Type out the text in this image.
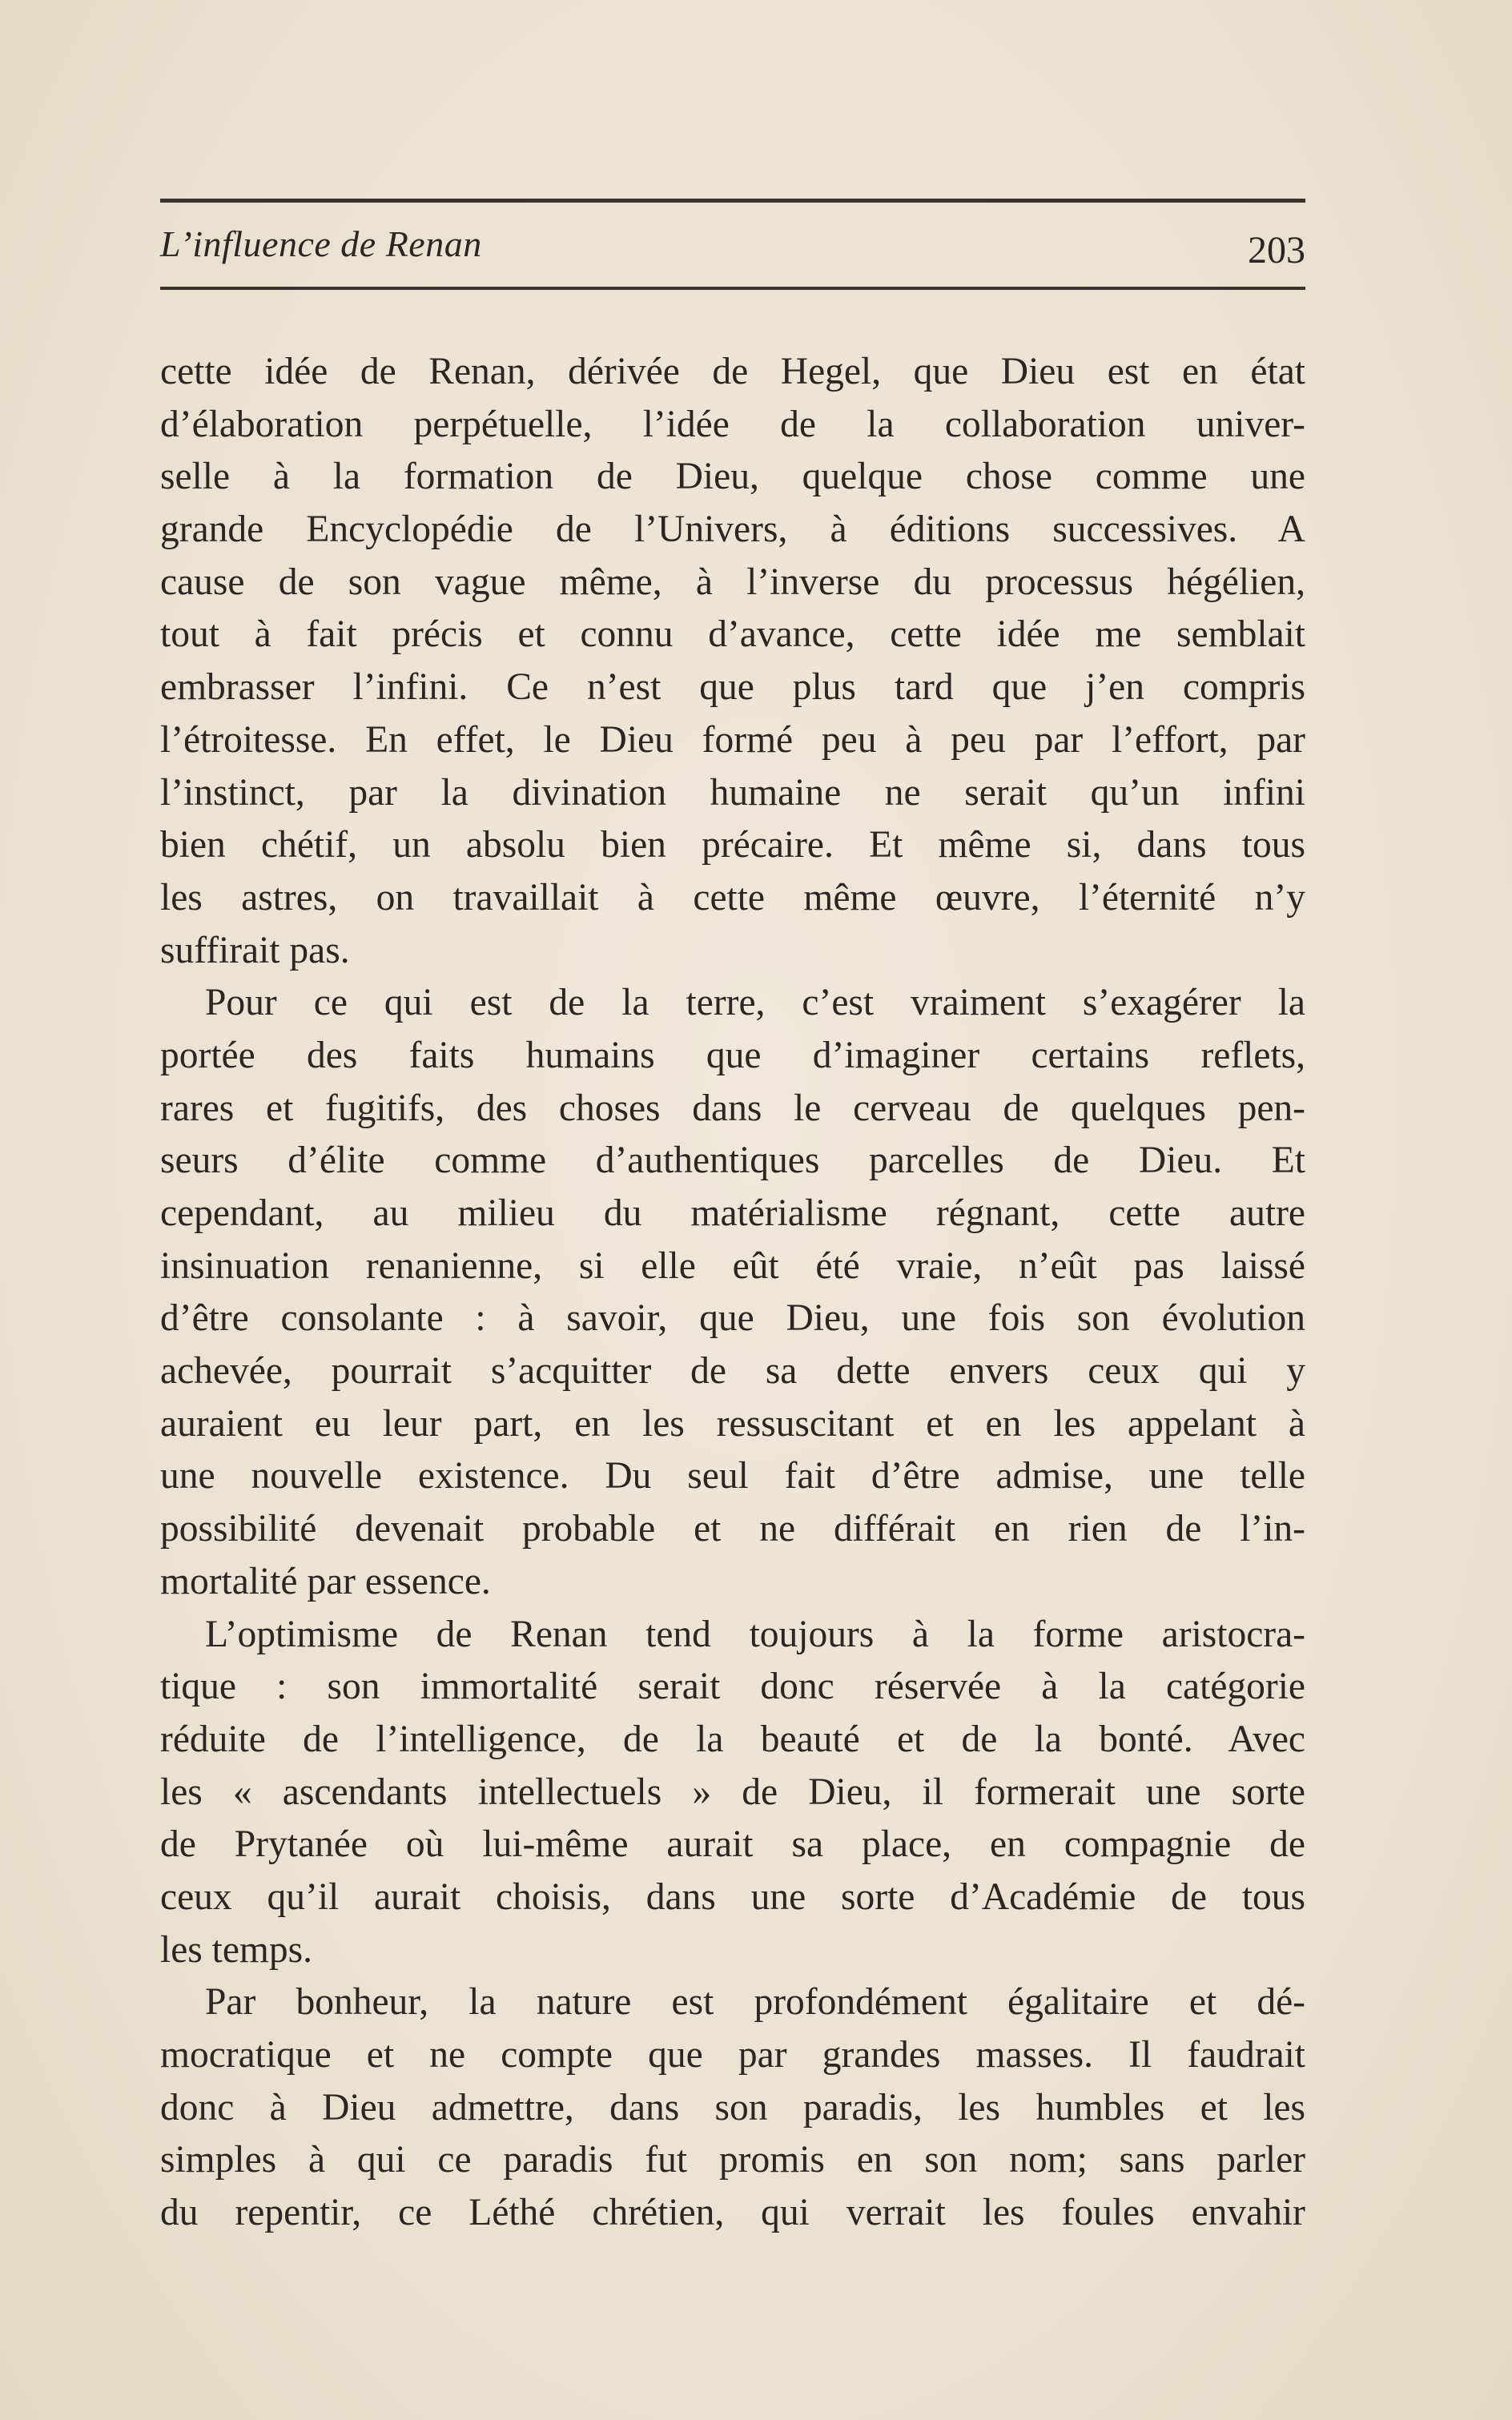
L’influence de Renan	203
cette idée de Renan, dérivée de Hegel, que Dieu est en état
d’élaboration perpétuelle, l’idée de la collaboration univer-
selle à la formation de Dieu, quelque chose comme une
grande Encyclopédie de l’Univers, à éditions successives. A
cause de son vague même, à l’inverse du processus hégélien,
tout à fait précis et connu d’avance, cette idée me semblait
embrasser l’infini. Ce n’est que plus tard que j’en compris
l’étroitesse. En effet, le Dieu formé peu à peu par l’effort, par
l’instinct, par la divination humaine ne serait qu’un infini
bien chétif, un absolu bien précaire. Et même si, dans tous
les astres, on travaillait à cette même œuvre, l’éternité n’y
suffirait pas.
Pour ce qui est de la terre, c’est vraiment s’exagérer la
portée des faits humains que d’imaginer certains reflets,
rares et fugitifs, des choses dans le cerveau de quelques pen-
seurs d’élite comme d’authentiques parcelles de Dieu. Et
cependant, au milieu du matérialisme régnant, cette autre
insinuation renanienne, si elle eût été vraie, n’eût pas laissé
d’être consolante : à savoir, que Dieu, une fois son évolution
achevée, pourrait s’acquitter de sa dette envers ceux qui y
auraient eu leur part, en les ressuscitant et en les appelant à
une nouvelle existence. Du seul fait d’être admise, une telle
possibilité devenait probable et ne différait en rien de l’in-
mortalité par essence.
L’optimisme de Renan tend toujours à la forme aristocra-
tique : son immortalité serait donc réservée à la catégorie
réduite de l’intelligence, de la beauté et de la bonté. Avec
les « ascendants intellectuels » de Dieu, il formerait une sorte
de Prytanée où lui-même aurait sa place, en compagnie de
ceux qu’il aurait choisis, dans une sorte d’Académie de tous
les temps.
Par bonheur, la nature est profondément égalitaire et dé-
mocratique et ne compte que par grandes masses. Il faudrait
donc à Dieu admettre, dans son paradis, les humbles et les
simples à qui ce paradis fut promis en son nom; sans parler
du repentir, ce Léthé chrétien, qui verrait les foules envahir
